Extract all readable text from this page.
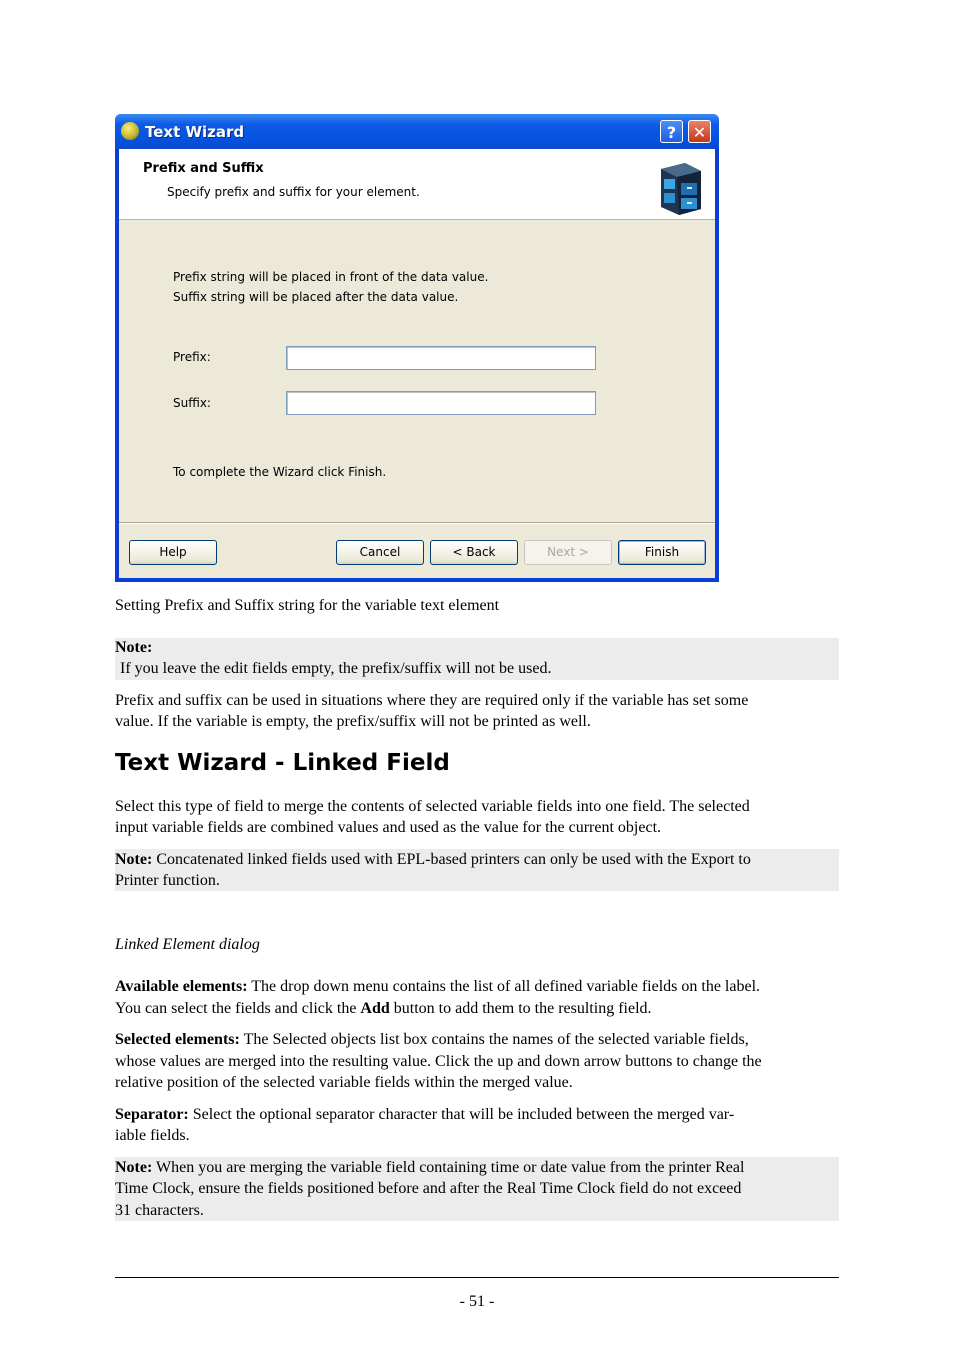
Text Wizard	?	✕
Prefix and Suffix
Specify prefix and suffix for your element.
Prefix string will be placed in front of the data value.
Suffix string will be placed after the data value.
Prefix:
Suffix:
To complete the Wizard click Finish.
Help	Cancel	< Back	Next >	Finish
Setting Prefix and Suffix string for the variable text element
Note:
If you leave the edit fields empty, the prefix/suffix will not be used.
Prefix and suffix can be used in situations where they are required only if the variable has set some
value. If the variable is empty, the prefix/suffix will not be printed as well.
Text Wizard - Linked Field
Select this type of field to merge the contents of selected variable fields into one field. The selected
input variable fields are combined values and used as the value for the current object.
Note: Concatenated linked fields used with EPL-based printers can only be used with the Export to
Printer function.
Linked Element dialog
Available elements: The drop down menu contains the list of all defined variable fields on the label.
You can select the fields and click the Add button to add them to the resulting field.
Selected elements: The Selected objects list box contains the names of the selected variable fields,
whose values are merged into the resulting value. Click the up and down arrow buttons to change the
relative position of the selected variable fields within the merged value.
Separator: Select the optional separator character that will be included between the merged var-
iable fields.
Note: When you are merging the variable field containing time or date value from the printer Real
Time Clock, ensure the fields positioned before and after the Real Time Clock field do not exceed
31 characters.
- 51 -
